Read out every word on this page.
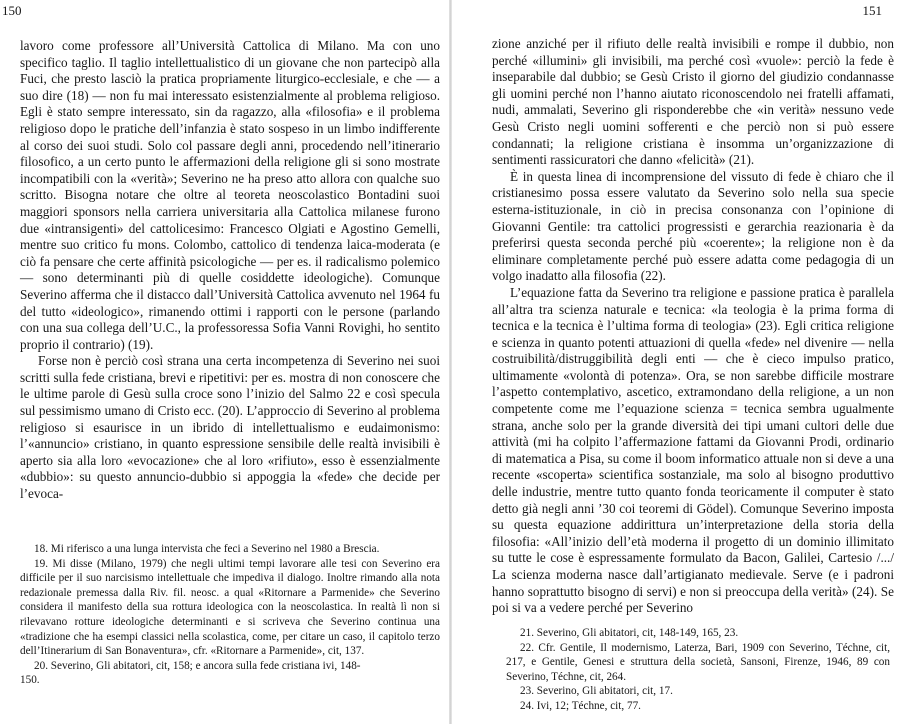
150

lavoro come professore all’Università Cattolica di Milano. Ma con uno specifico taglio. Il taglio intellettualistico di un giovane che non partecipò alla Fuci, che presto lasciò la pratica propriamente liturgico-ecclesiale, e che — a suo dire (18) — non fu mai interessato esistenzialmente al problema religioso. Egli è stato sempre interessato, sin da ragazzo, alla «filosofia» e il problema religioso dopo le pratiche dell’infanzia è stato sospeso in un limbo indifferente al corso dei suoi studi. Solo col passare degli anni, procedendo nell’itinerario filosofico, a un certo punto le affermazioni della religione gli si sono mostrate incompatibili con la «verità»; Severino ne ha preso atto allora con qualche suo scritto. Bisogna notare che oltre al teoreta neoscolastico Bontadini suoi maggiori sponsors nella carriera universitaria alla Cattolica milanese furono due «intransigenti» del cattolicesimo: Francesco Olgiati e Agostino Gemelli, mentre suo critico fu mons. Colombo, cattolico di tendenza laica-moderata (e ciò fa pensare che certe affinità psicologiche — per es. il radicalismo polemico — sono determinanti più di quelle cosiddette ideologiche). Comunque Severino afferma che il distacco dall’Università Cattolica avvenuto nel 1964 fu del tutto «ideologico», rimanendo ottimi i rapporti con le persone (parlando con una sua collega dell’U.C., la professoressa Sofia Vanni Rovighi, ho sentito proprio il contrario) (19).

Forse non è perciò così strana una certa incompetenza di Severino nei suoi scritti sulla fede cristiana, brevi e ripetitivi: per es. mostra di non conoscere che le ultime parole di Gesù sulla croce sono l’inizio del Salmo 22 e così specula sul pessimismo umano di Cristo ecc. (20). L’approccio di Severino al problema religioso si esaurisce in un ibrido di intellettualismo e eudaimonismo: l’«annuncio» cristiano, in quanto espressione sensibile delle realtà invisibili è aperto sia alla loro «evocazione» che al loro «rifiuto», esso è essenzialmente «dubbio»: su questo annuncio-dubbio si appoggia la «fede» che decide per l’evoca-

18. Mi riferisco a una lunga intervista che feci a Severino nel 1980 a Brescia.

19. Mi disse (Milano, 1979) che negli ultimi tempi lavorare alle tesi con Severino era difficile per il suo narcisismo intellettuale che impediva il dialogo. Inoltre rimando alla nota redazionale premessa dalla Riv. fil. neosc. a qual «Ritornare a Parmenide» che Severino considera il manifesto della sua rottura ideologica con la neoscolastica. In realtà lì non si rilevavano rotture ideologiche determinanti e si scriveva che Severino continua una «tradizione che ha esempi classici nella scolastica, come, per citare un caso, il capitolo terzo dell’Itinerarium di San Bonaventura», cfr. «Ritornare a Parmenide», cit, 137.

20. Severino, Gli abitatori, cit, 158; e ancora sulla fede cristiana ivi, 148-

150.

151

zione anziché per il rifiuto delle realtà invisibili e rompe il dubbio, non perché «illumini» gli invisibili, ma perché così «vuole»: perciò la fede è inseparabile dal dubbio; se Gesù Cristo il giorno del giudizio condannasse gli uomini perché non l’hanno aiutato riconoscendolo nei fratelli affamati, nudi, ammalati, Severino gli risponderebbe che «in verità» nessuno vede Gesù Cristo negli uomini sofferenti e che perciò non si può essere condannati; la religione cristiana è insomma un’organizzazione di sentimenti rassicuratori che danno «felicità» (21).

È in questa linea di incomprensione del vissuto di fede è chiaro che il cristianesimo possa essere valutato da Severino solo nella sua specie esterna-istituzionale, in ciò in precisa consonanza con l’opinione di Giovanni Gentile: tra cattolici progressisti e gerarchia reazionaria è da preferirsi questa seconda perché più «coerente»; la religione non è da eliminare completamente perché può essere adatta come pedagogia di un volgo inadatto alla filosofia (22).

L’equazione fatta da Severino tra religione e passione pratica è parallela all’altra tra scienza naturale e tecnica: «la teologia è la prima forma di tecnica e la tecnica è l’ultima forma di teologia» (23). Egli critica religione e scienza in quanto potenti attuazioni di quella «fede» nel divenire — nella costruibilità/distruggibilità degli enti — che è cieco impulso pratico, ultimamente «volontà di potenza». Ora, se non sarebbe difficile mostrare l’aspetto contemplativo, ascetico, extramondano della religione, a un non competente come me l’equazione scienza = tecnica sembra ugualmente strana, anche solo per la grande diversità dei tipi umani cultori delle due attività (mi ha colpito l’affermazione fattami da Giovanni Prodi, ordinario di matematica a Pisa, su come il boom informatico attuale non si deve a una recente «scoperta» scientifica sostanziale, ma solo al bisogno produttivo delle industrie, mentre tutto quanto fonda teoricamente il computer è stato detto già negli anni ’30 coi teoremi di Gödel). Comunque Severino imposta su questa equazione addirittura un’interpretazione della storia della filosofia: «All’inizio dell’età moderna il progetto di un dominio illimitato su tutte le cose è espressamente formulato da Bacon, Galilei, Cartesio /.../ La scienza moderna nasce dall’artigianato medievale. Serve (e i padroni hanno soprattutto bisogno di servi) e non si preoccupa della verità» (24). Se poi si va a vedere perché per Severino

21. Severino, Gli abitatori, cit, 148-149, 165, 23.

22. Cfr. Gentile, Il modernismo, Laterza, Bari, 1909 con Severino, Téchne, cit, 217, e Gentile, Genesi e struttura della società, Sansoni, Firenze, 1946, 89 con Severino, Téchne, cit, 264.

23. Severino, Gli abitatori, cit, 17.

24. Ivi, 12; Téchne, cit, 77.
